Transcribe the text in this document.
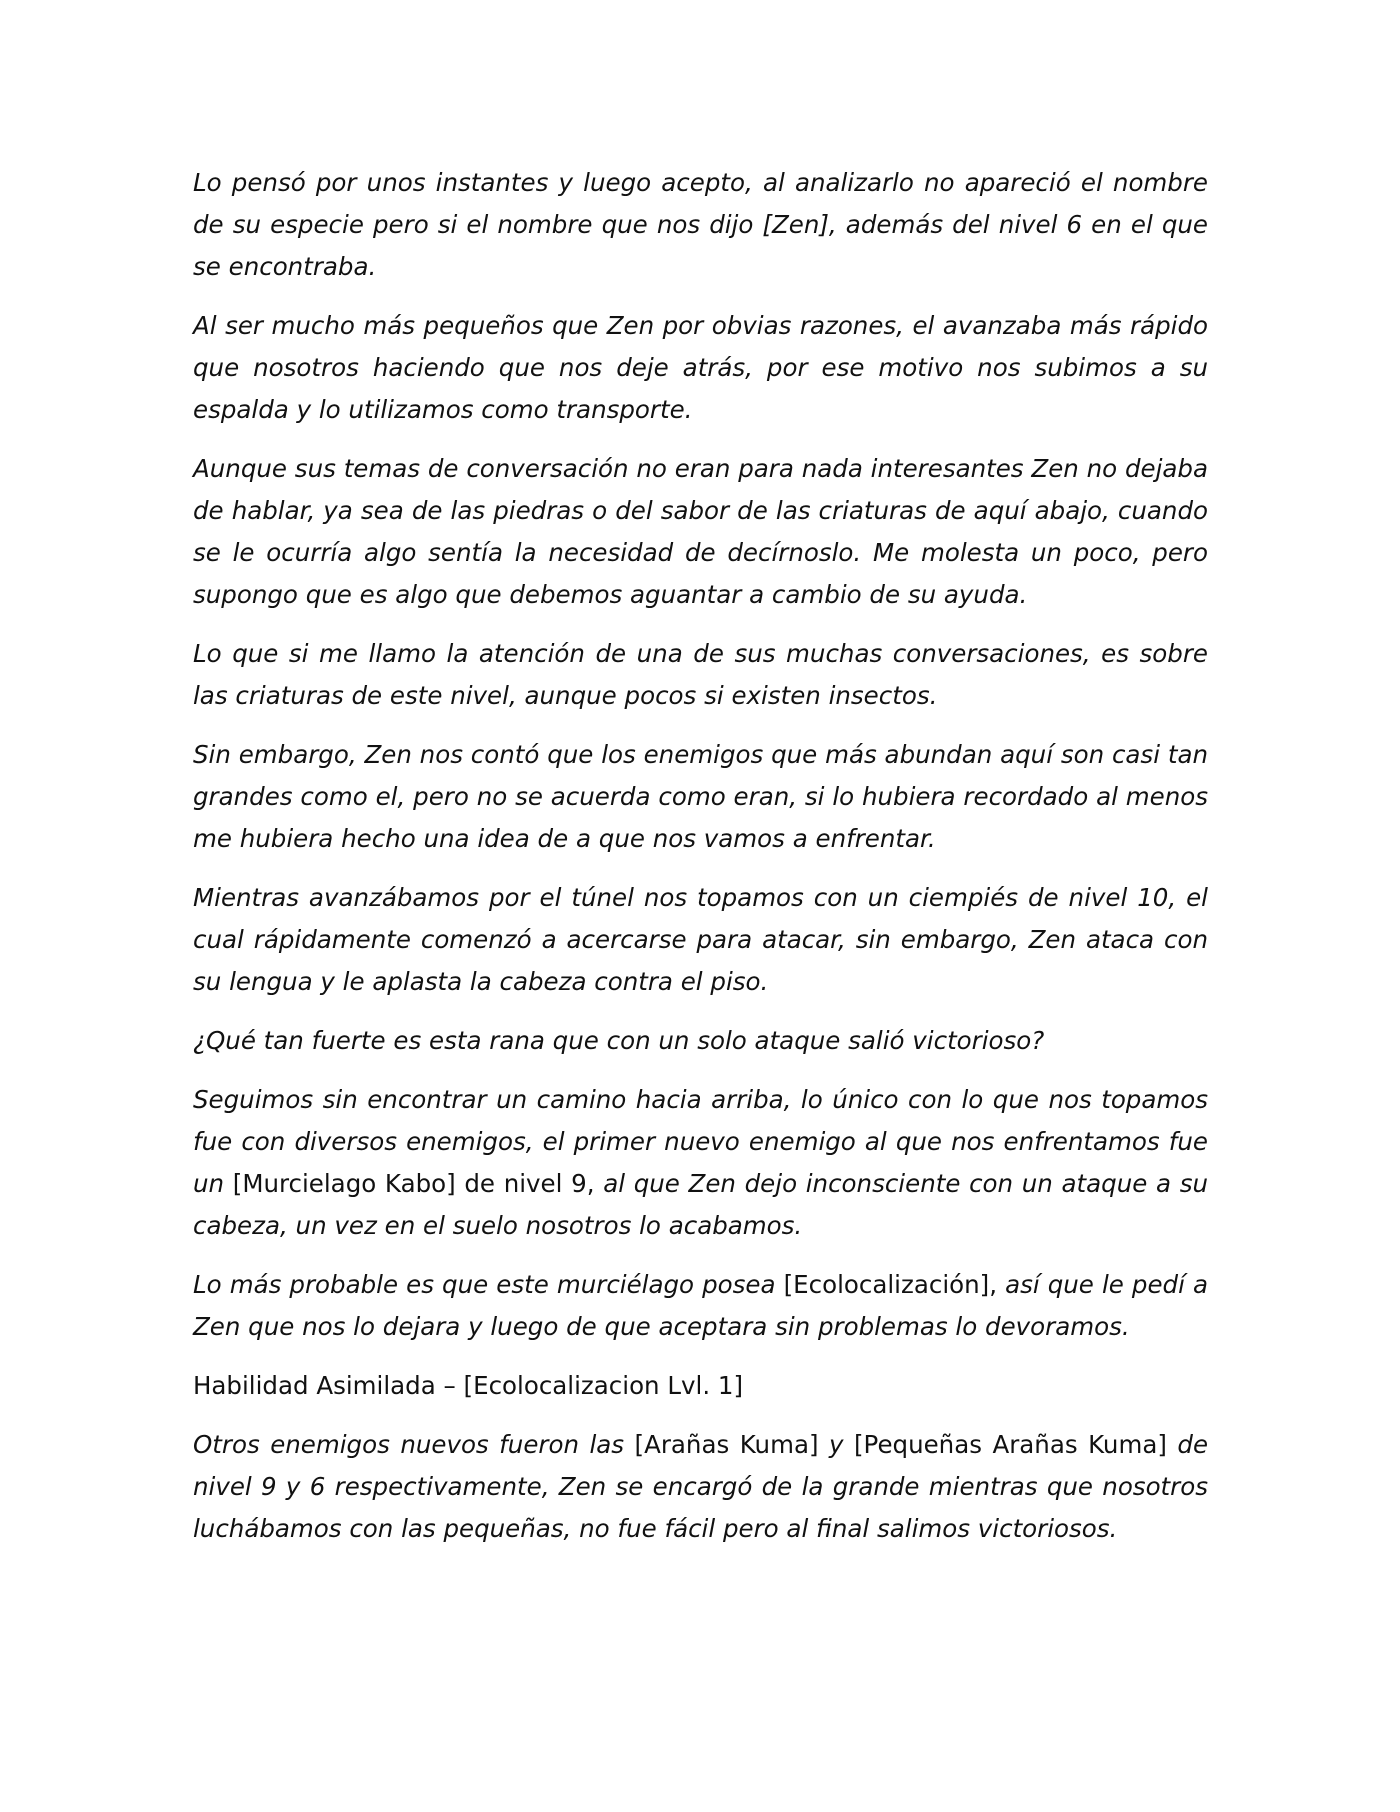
Lo pensó por unos instantes y luego acepto, al analizarlo no apareció el nombre de su especie pero si el nombre que nos dijo [Zen], además del nivel 6 en el que se encontraba.

Al ser mucho más pequeños que Zen por obvias razones, el avanzaba más rápido que nosotros haciendo que nos deje atrás, por ese motivo nos subimos a su espalda y lo utilizamos como transporte.

Aunque sus temas de conversación no eran para nada interesantes Zen no dejaba de hablar, ya sea de las piedras o del sabor de las criaturas de aquí abajo, cuando se le ocurría algo sentía la necesidad de decírnoslo. Me molesta un poco, pero supongo que es algo que debemos aguantar a cambio de su ayuda.

Lo que si me llamo la atención de una de sus muchas conversaciones, es sobre las criaturas de este nivel, aunque pocos si existen insectos.

Sin embargo, Zen nos contó que los enemigos que más abundan aquí son casi tan grandes como el, pero no se acuerda como eran, si lo hubiera recordado al menos me hubiera hecho una idea de a que nos vamos a enfrentar.

Mientras avanzábamos por el túnel nos topamos con un ciempiés de nivel 10, el cual rápidamente comenzó a acercarse para atacar, sin embargo, Zen ataca con su lengua y le aplasta la cabeza contra el piso.

¿Qué tan fuerte es esta rana que con un solo ataque salió victorioso?

Seguimos sin encontrar un camino hacia arriba, lo único con lo que nos topamos fue con diversos enemigos, el primer nuevo enemigo al que nos enfrentamos fue un [Murcielago Kabo] de nivel 9, al que Zen dejo inconsciente con un ataque a su cabeza, un vez en el suelo nosotros lo acabamos.

Lo más probable es que este murciélago posea [Ecolocalización], así que le pedí a Zen que nos lo dejara y luego de que aceptara sin problemas lo devoramos.

Habilidad Asimilada – [Ecolocalizacion Lvl. 1]

Otros enemigos nuevos fueron las [Arañas Kuma] y [Pequeñas Arañas Kuma] de nivel 9 y 6 respectivamente, Zen se encargó de la grande mientras que nosotros luchábamos con las pequeñas, no fue fácil pero al final salimos victoriosos.
